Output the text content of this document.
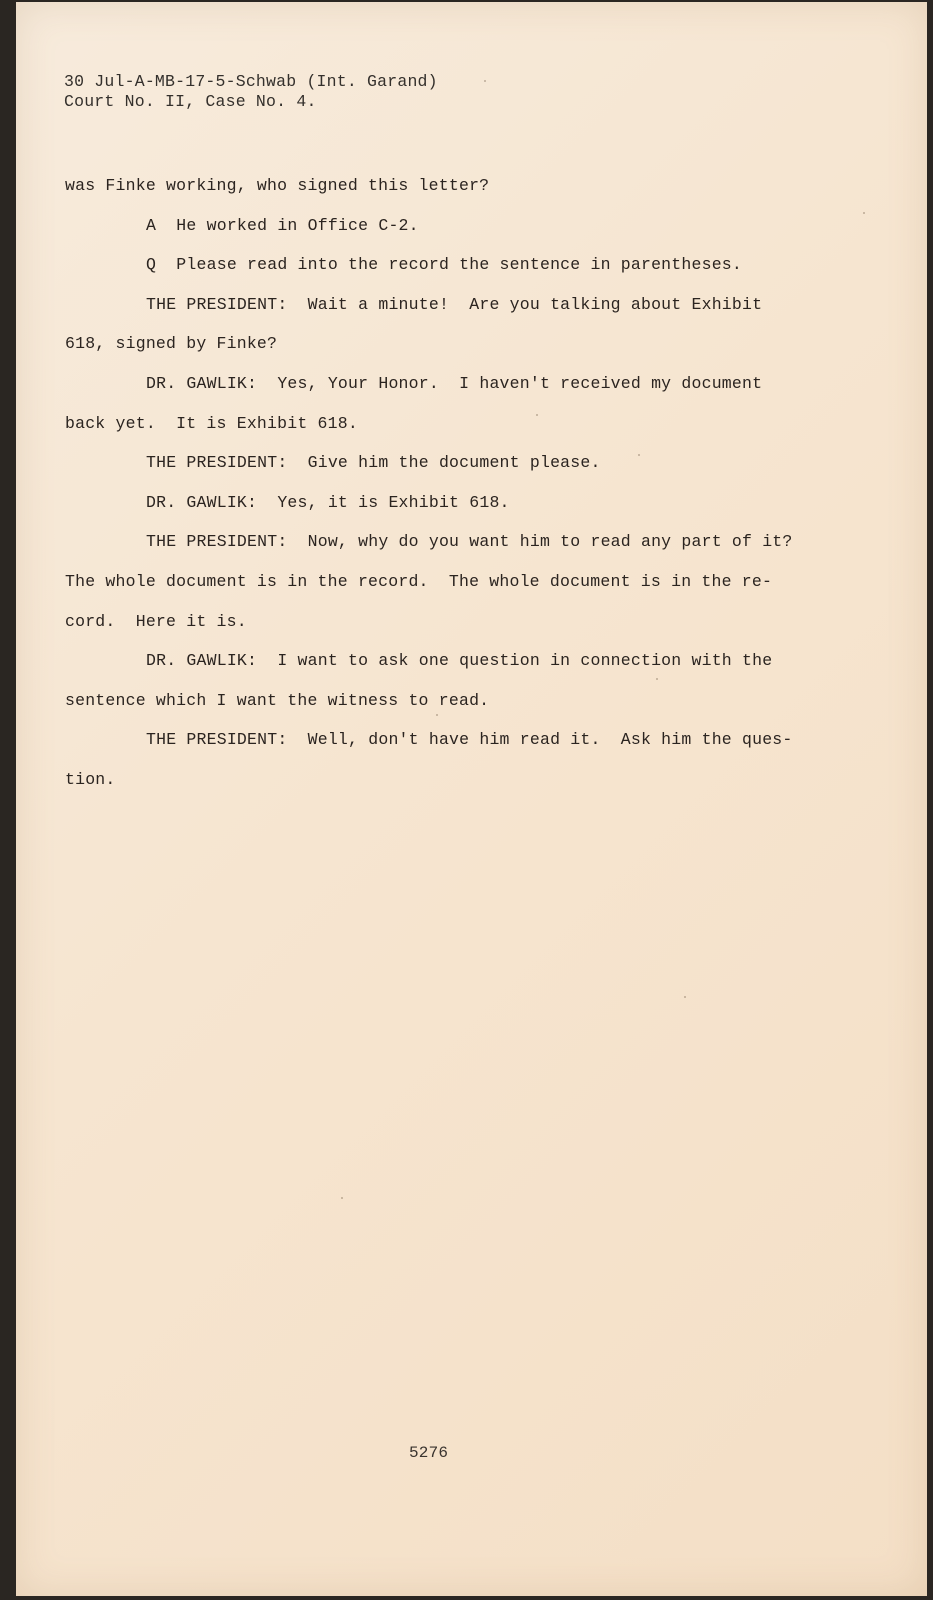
30 Jul-A-MB-17-5-Schwab (Int. Garand)
Court No. II, Case No. 4.
was Finke working, who signed this letter?
A  He worked in Office C-2.
Q  Please read into the record the sentence in parentheses.
THE PRESIDENT:  Wait a minute!  Are you talking about Exhibit
618, signed by Finke?
DR. GAWLIK:  Yes, Your Honor.  I haven't received my document
back yet.  It is Exhibit 618.
THE PRESIDENT:  Give him the document please.
DR. GAWLIK:  Yes, it is Exhibit 618.
THE PRESIDENT:  Now, why do you want him to read any part of it?
The whole document is in the record.  The whole document is in the re-
cord.  Here it is.
DR. GAWLIK:  I want to ask one question in connection with the
sentence which I want the witness to read.
THE PRESIDENT:  Well, don't have him read it.  Ask him the ques-
tion.
5276
